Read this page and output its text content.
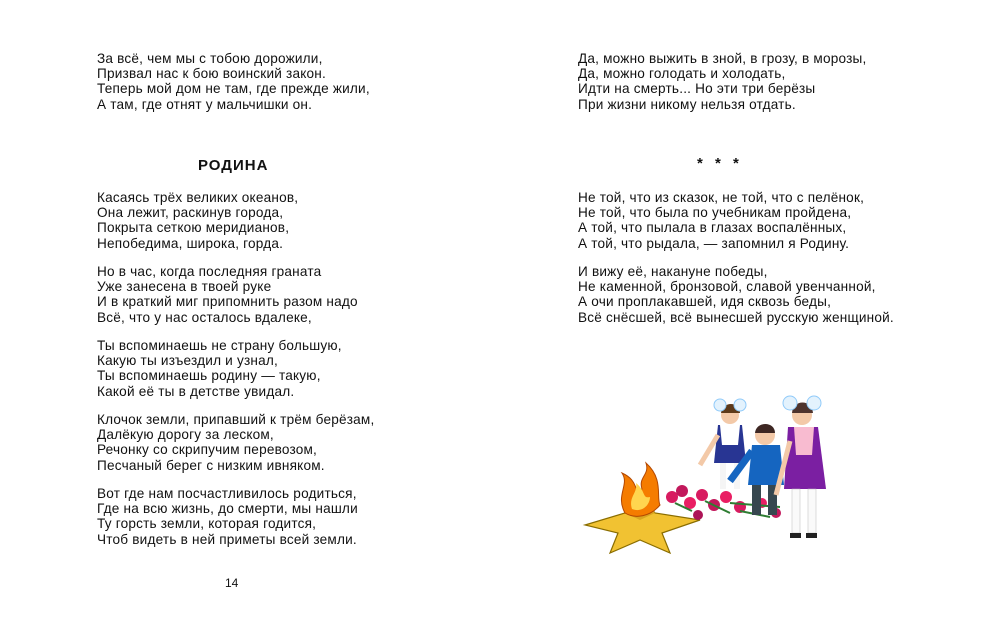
За всё, чем мы с тобою дорожили,
Призвал нас к бою воинский закон.
Теперь мой дом не там, где прежде жили,
А там, где отнят у мальчишки он.
РОДИНА
Касаясь трёх великих океанов,
Она лежит, раскинув города,
Покрыта сеткою меридианов,
Непобедима, широка, горда.
Но в час, когда последняя граната
Уже занесена в твоей руке
И в краткий миг припомнить разом надо
Всё, что у нас осталось вдалеке,
Ты вспоминаешь не страну большую,
Какую ты изъездил и узнал,
Ты вспоминаешь родину — такую,
Какой её ты в детстве увидал.
Клочок земли, припавший к трём берёзам,
Далёкую дорогу за леском,
Речонку со скрипучим перевозом,
Песчаный берег с низким ивняком.
Вот где нам посчастливилось родиться,
Где на всю жизнь, до смерти, мы нашли
Ту горсть земли, которая годится,
Чтоб видеть в ней приметы всей земли.
14
Да, можно выжить в зной, в грозу, в морозы,
Да, можно голодать и холодать,
Идти на смерть... Но эти три берёзы
При жизни никому нельзя отдать.
* * *
Не той, что из сказок, не той, что с пелёнок,
Не той, что была по учебникам пройдена,
А той, что пылала в глазах воспалённых,
А той, что рыдала, — запомнил я Родину.
И вижу её, накануне победы,
Не каменной, бронзовой, славой увенчанной,
А очи проплакавшей, идя сквозь беды,
Всё снёсшей, всё вынесшей русскую женщиной.
